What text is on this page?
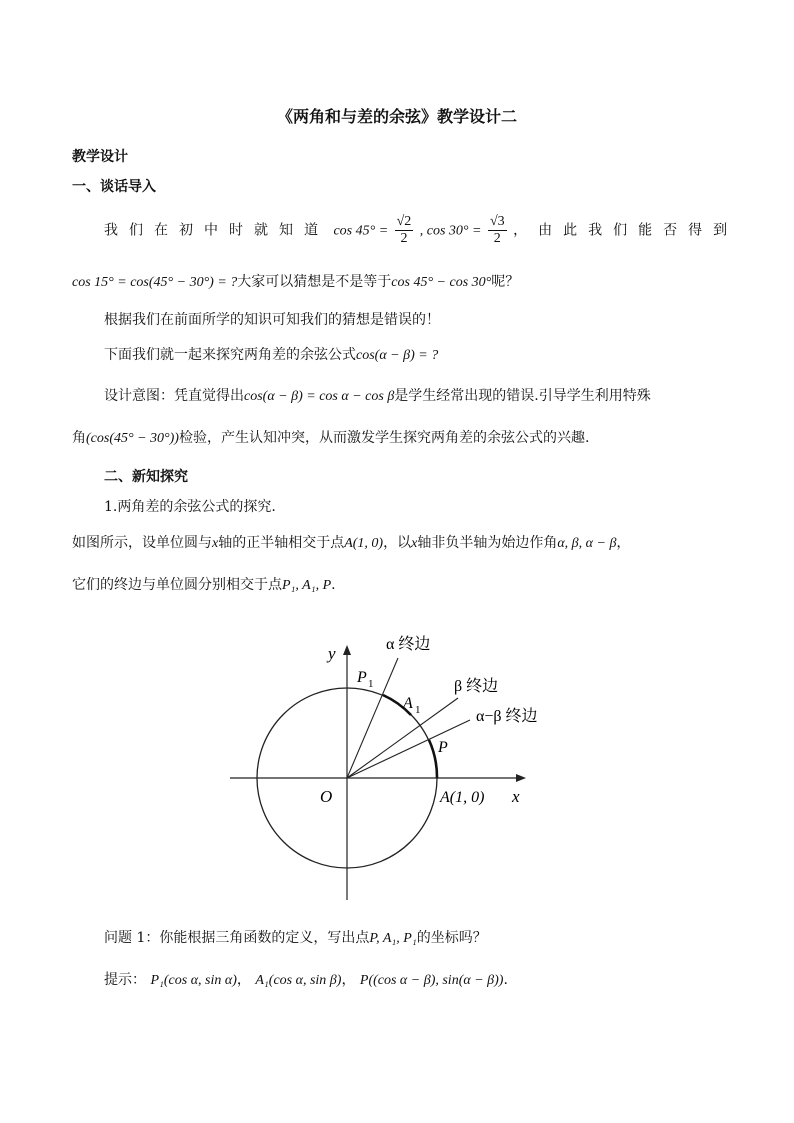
《两角和与差的余弦》教学设计二
教学设计
一、谈话导入
我们在初中时就知道 $\cos 45^\circ = \frac{√2}{2}$ , $\cos 30^\circ = \frac{√3}{2}$ ，由此我们能否得到
cos 15° = cos(45° − 30°) = ?大家可以猜想是不是等于cos 45° − cos 30°呢？
根据我们在前面所学的知识可知我们的猜想是错误的！
下面我们就一起来探究两角差的余弦公式cos(α − β) = ?
设计意图：凭直觉得出cos(α − β) = cos α − cos β是学生经常出现的错误.引导学生利用特殊
角(cos(45° − 30°))检验，产生认知冲突，从而激发学生探究两角差的余弦公式的兴趣.
二、新知探究
1.两角差的余弦公式的探究.
如图所示，设单位圆与x轴的正半轴相交于点A(1, 0)，以x轴非负半轴为始边作角α, β, α − β，
它们的终边与单位圆分别相交于点P₁, A₁, P.
y
x
O	A(1, 0)
P 1
A 1
P
α 终边
β 终边
α−β 终边
问题 1：你能根据三角函数的定义，写出点P, A₁, P₁的坐标吗？
提示： P₁(cos α, sin α)， A₁(cos α, sin β)， P((cos α − β), sin(α − β)).
